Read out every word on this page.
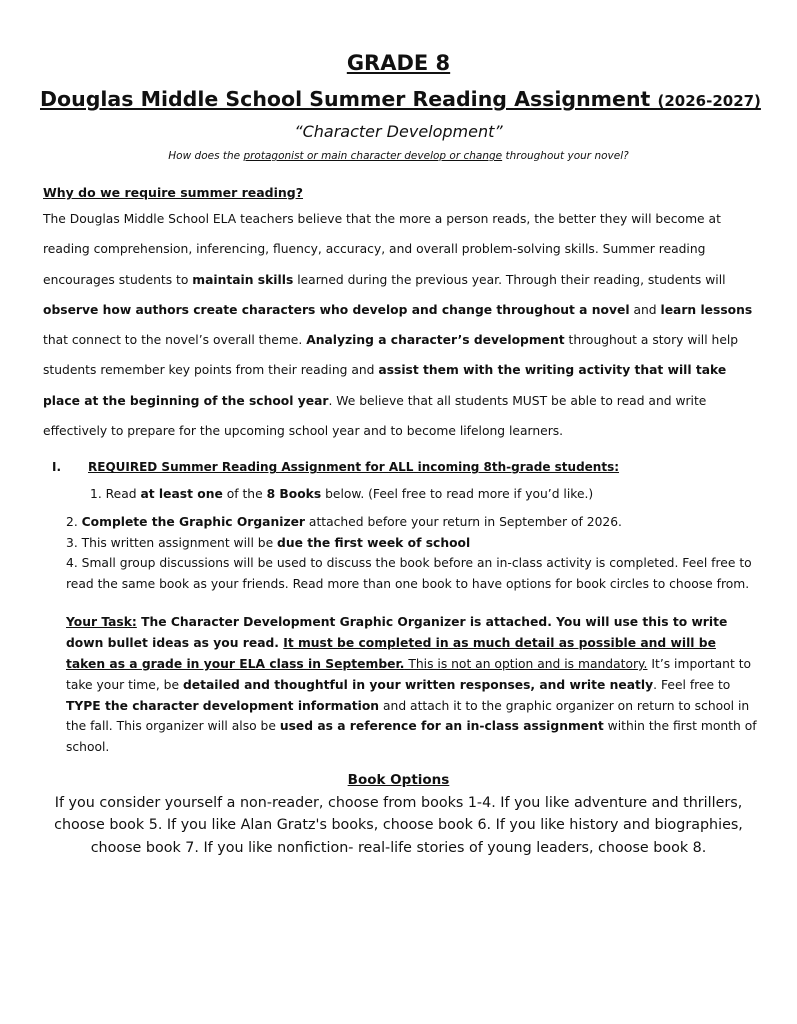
GRADE 8
Douglas Middle School Summer Reading Assignment (2026-2027)

“Character Development”

How does the protagonist or main character develop or change throughout your novel?

Why do we require summer reading?

The Douglas Middle School ELA teachers believe that the more a person reads, the better they will become at reading comprehension, inferencing, fluency, accuracy, and overall problem-solving skills. Summer reading encourages students to maintain skills learned during the previous year. Through their reading, students will observe how authors create characters who develop and change throughout a novel and learn lessons that connect to the novel’s overall theme. Analyzing a character’s development throughout a story will help students remember key points from their reading and assist them with the writing activity that will take place at the beginning of the school year. We believe that all students MUST be able to read and write effectively to prepare for the upcoming school year and to become lifelong learners.

I. REQUIRED Summer Reading Assignment for ALL incoming 8th-grade students:

1. Read at least one of the 8 Books below. (Feel free to read more if you’d like.)

2. Complete the Graphic Organizer attached before your return in September of 2026.
3. This written assignment will be due the first week of school
4. Small group discussions will be used to discuss the book before an in-class activity is completed. Feel free to read the same book as your friends. Read more than one book to have options for book circles to choose from.

Your Task: The Character Development Graphic Organizer is attached. You will use this to write down bullet ideas as you read. It must be completed in as much detail as possible and will be taken as a grade in your ELA class in September. This is not an option and is mandatory. It’s important to take your time, be detailed and thoughtful in your written responses, and write neatly. Feel free to TYPE the character development information and attach it to the graphic organizer on return to school in the fall. This organizer will also be used as a reference for an in-class assignment within the first month of school.

Book Options

If you consider yourself a non-reader, choose from books 1-4. If you like adventure and thrillers, choose book 5. If you like Alan Gratz's books, choose book 6. If you like history and biographies, choose book 7. If you like nonfiction- real-life stories of young leaders, choose book 8.
